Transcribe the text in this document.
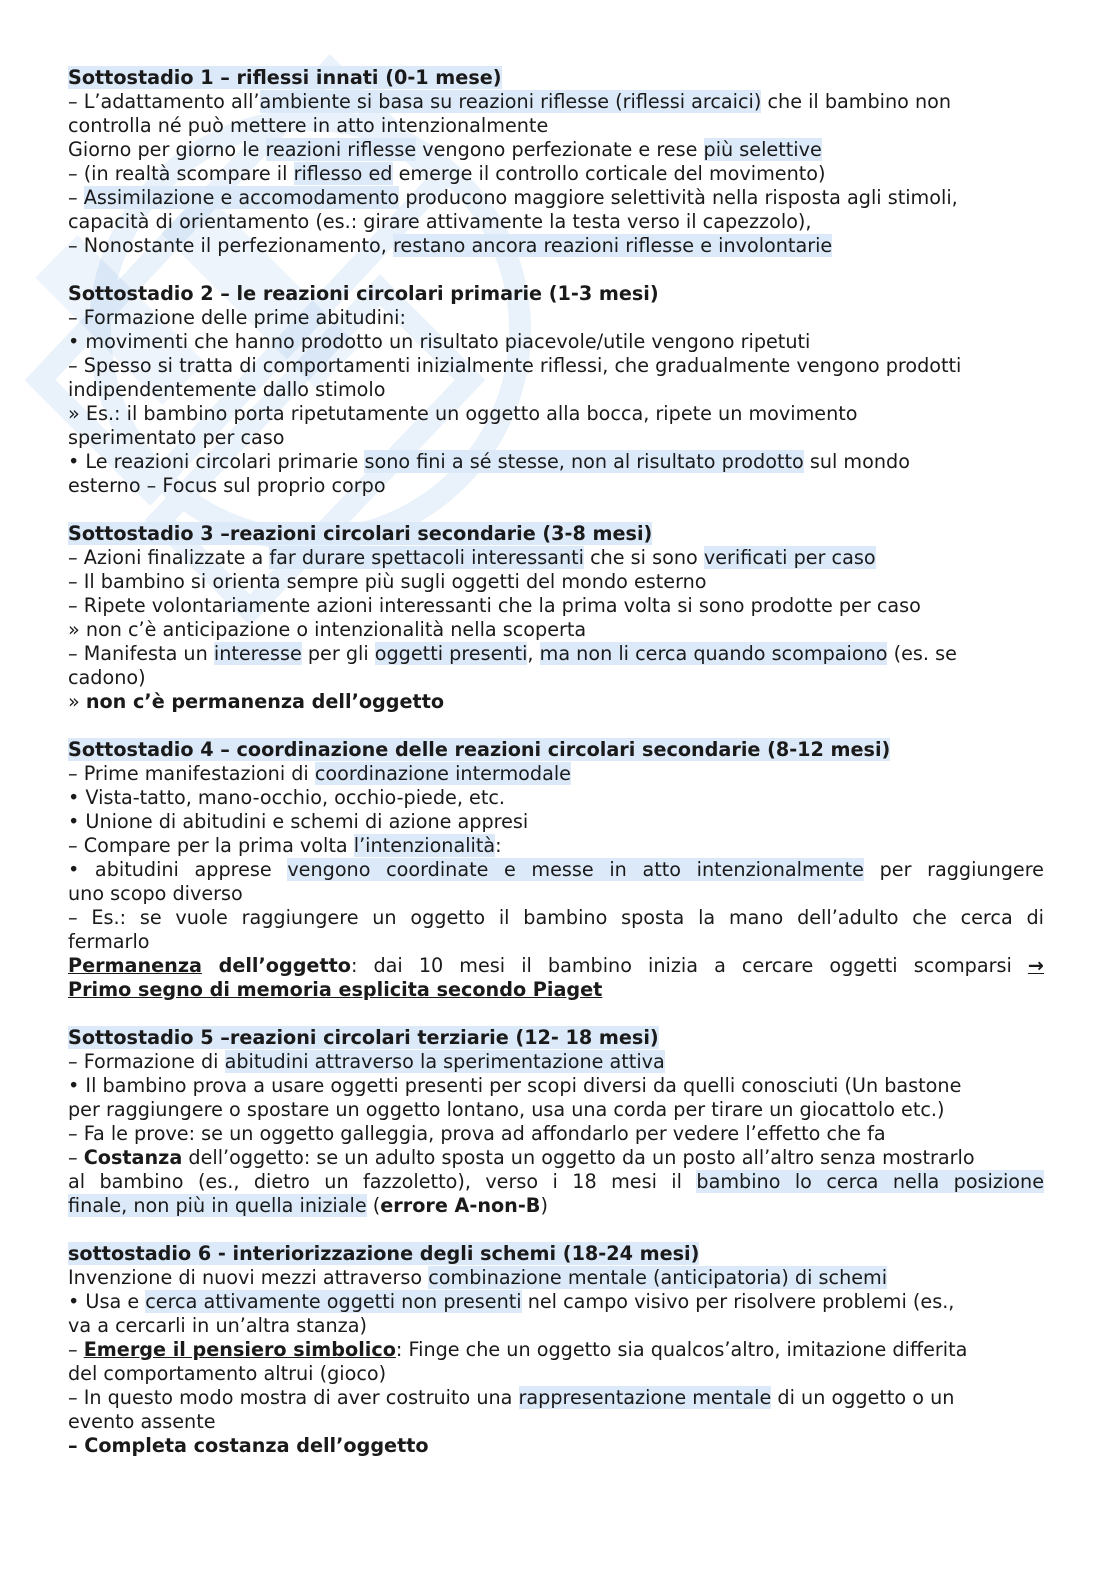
Sottostadio 1 – riflessi innati (0-1 mese)
– L’adattamento all’ambiente si basa su reazioni riflesse (riflessi arcaici) che il bambino non
controlla né può mettere in atto intenzionalmente
Giorno per giorno le reazioni riflesse vengono perfezionate e rese più selettive
– (in realtà scompare il riflesso ed emerge il controllo corticale del movimento)
– Assimilazione e accomodamento producono maggiore selettività nella risposta agli stimoli,
capacità di orientamento (es.: girare attivamente la testa verso il capezzolo),
– Nonostante il perfezionamento, restano ancora reazioni riflesse e involontarie
Sottostadio 2 – le reazioni circolari primarie (1-3 mesi)
– Formazione delle prime abitudini:
• movimenti che hanno prodotto un risultato piacevole/utile vengono ripetuti
– Spesso si tratta di comportamenti inizialmente riflessi, che gradualmente vengono prodotti
indipendentemente dallo stimolo
» Es.: il bambino porta ripetutamente un oggetto alla bocca, ripete un movimento
sperimentato per caso
• Le reazioni circolari primarie sono fini a sé stesse, non al risultato prodotto sul mondo
esterno – Focus sul proprio corpo
Sottostadio 3 –reazioni circolari secondarie (3-8 mesi)
– Azioni finalizzate a far durare spettacoli interessanti che si sono verificati per caso
– Il bambino si orienta sempre più sugli oggetti del mondo esterno
– Ripete volontariamente azioni interessanti che la prima volta si sono prodotte per caso
» non c’è anticipazione o intenzionalità nella scoperta
– Manifesta un interesse per gli oggetti presenti, ma non li cerca quando scompaiono (es. se
cadono)
» non c’è permanenza dell’oggetto
Sottostadio 4 – coordinazione delle reazioni circolari secondarie (8-12 mesi)
– Prime manifestazioni di coordinazione intermodale
• Vista-tatto, mano-occhio, occhio-piede, etc.
• Unione di abitudini e schemi di azione appresi
– Compare per la prima volta l’intenzionalità:
• abitudini apprese vengono coordinate e messe in atto intenzionalmente per raggiungere
uno scopo diverso
– Es.: se vuole raggiungere un oggetto il bambino sposta la mano dell’adulto che cerca di
fermarlo
Permanenza dell’oggetto: dai 10 mesi il bambino inizia a cercare oggetti scomparsi →
Primo segno di memoria esplicita secondo Piaget
Sottostadio 5 –reazioni circolari terziarie (12- 18 mesi)
– Formazione di abitudini attraverso la sperimentazione attiva
• Il bambino prova a usare oggetti presenti per scopi diversi da quelli conosciuti (Un bastone
per raggiungere o spostare un oggetto lontano, usa una corda per tirare un giocattolo etc.)
– Fa le prove: se un oggetto galleggia, prova ad affondarlo per vedere l’effetto che fa
– Costanza dell’oggetto: se un adulto sposta un oggetto da un posto all’altro senza mostrarlo
al bambino (es., dietro un fazzoletto), verso i 18 mesi il bambino lo cerca nella posizione
finale, non più in quella iniziale (errore A-non-B)
sottostadio 6 - interiorizzazione degli schemi (18-24 mesi)
Invenzione di nuovi mezzi attraverso combinazione mentale (anticipatoria) di schemi
• Usa e cerca attivamente oggetti non presenti nel campo visivo per risolvere problemi (es.,
va a cercarli in un’altra stanza)
– Emerge il pensiero simbolico: Finge che un oggetto sia qualcos’altro, imitazione differita
del comportamento altrui (gioco)
– In questo modo mostra di aver costruito una rappresentazione mentale di un oggetto o un
evento assente
– Completa costanza dell’oggetto
